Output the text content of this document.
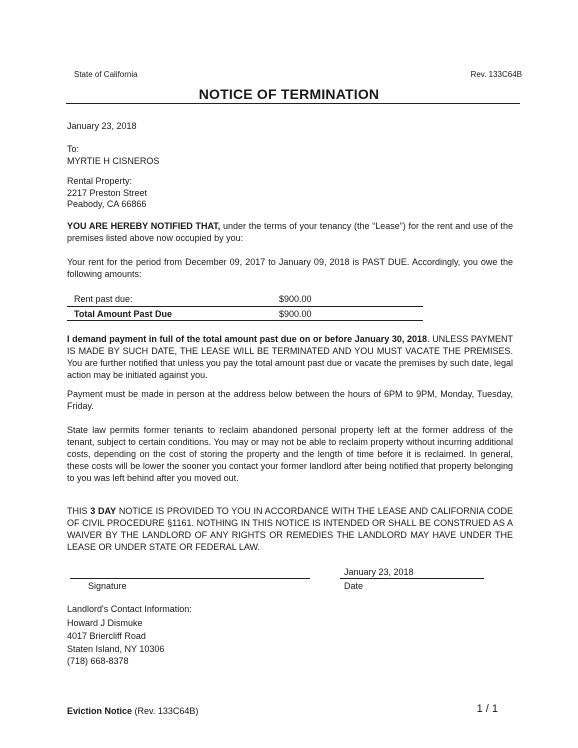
State of California	Rev. 133C64B
NOTICE OF TERMINATION
January 23, 2018
To:
MYRTIE H CISNEROS
Rental Property:
2217 Preston Street
Peabody, CA 66866
YOU ARE HEREBY NOTIFIED THAT, under the terms of your tenancy (the “Lease”) for the rent and use of the premises listed above now occupied by you:
Your rent for the period from December 09, 2017 to January 09, 2018 is PAST DUE. Accordingly, you owe the following amounts:
Rent past due:	$900.00
Total Amount Past Due	$900.00
I demand payment in full of the total amount past due on or before January 30, 2018. UNLESS PAYMENT IS MADE BY SUCH DATE, THE LEASE WILL BE TERMINATED AND YOU MUST VACATE THE PREMISES. You are further notified that unless you pay the total amount past due or vacate the premises by such date, legal action may be initiated against you.
Payment must be made in person at the address below between the hours of 6PM to 9PM, Monday, Tuesday, Friday.
State law permits former tenants to reclaim abandoned personal property left at the former address of the tenant, subject to certain conditions. You may or may not be able to reclaim property without incurring additional costs, depending on the cost of storing the property and the length of time before it is reclaimed. In general, these costs will be lower the sooner you contact your former landlord after being notified that property belonging to you was left behind after you moved out.
THIS 3 DAY NOTICE IS PROVIDED TO YOU IN ACCORDANCE WITH THE LEASE AND CALIFORNIA CODE OF CIVIL PROCEDURE §1161. NOTHING IN THIS NOTICE IS INTENDED OR SHALL BE CONSTRUED AS A WAIVER BY THE LANDLORD OF ANY RIGHTS OR REMEDIES THE LANDLORD MAY HAVE UNDER THE LEASE OR UNDER STATE OR FEDERAL LAW.
Signature
January 23, 2018
Date
Landlord's Contact Information:
Howard J Dismuke
4017 Briercliff Road
Staten Island, NY 10306
(718) 668-8378
Eviction Notice (Rev. 133C64B)	1 / 1
